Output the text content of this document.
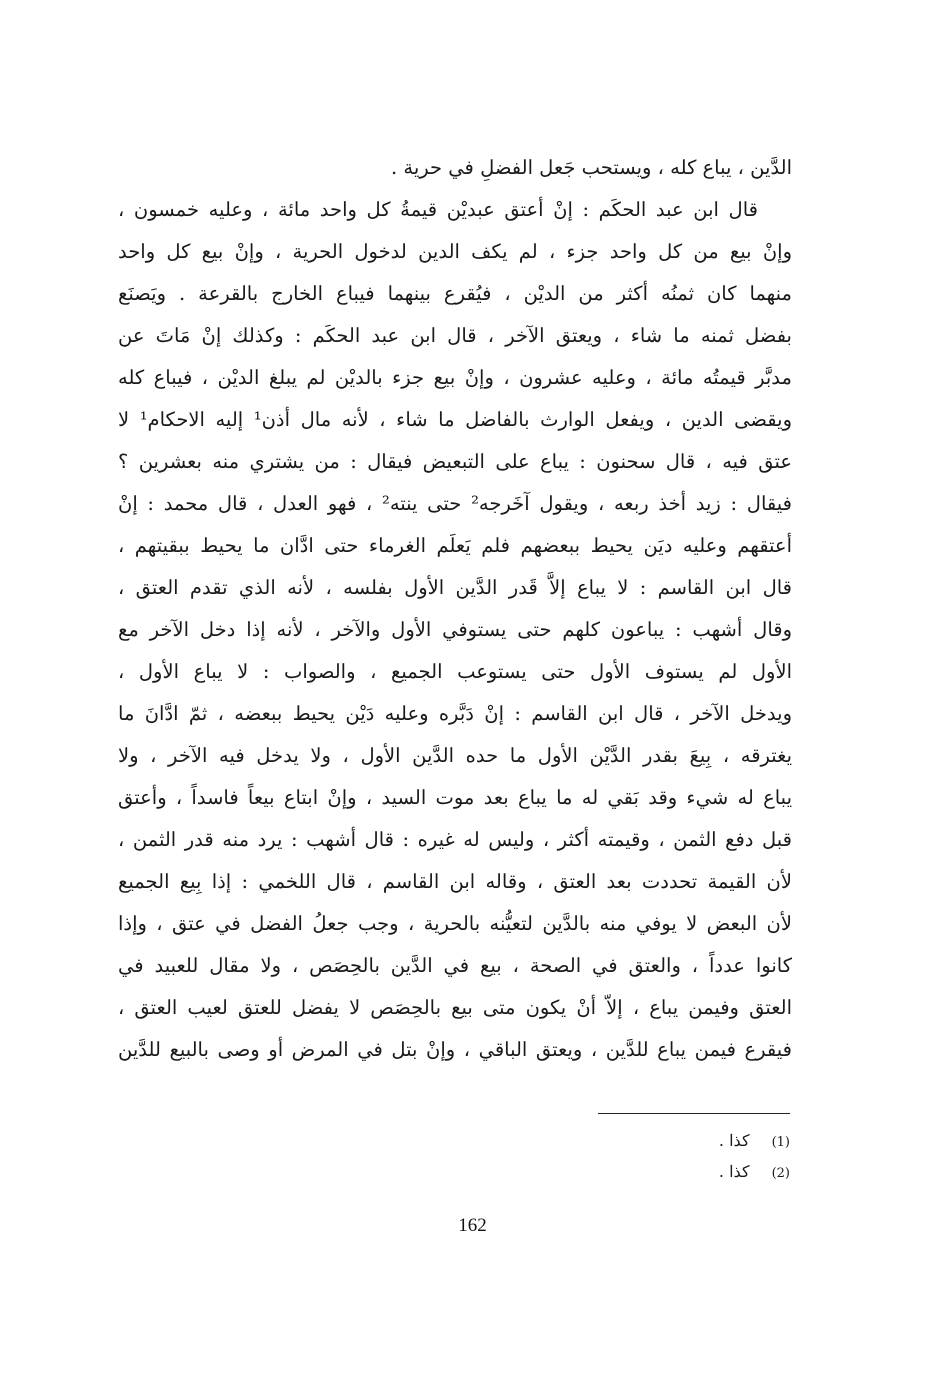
الدَّين ، يباع كله ، ويستحب جَعل الفضلِ في حرية .
قال ابن عبد الحكَم : إنْ أعتق عبديْن قيمةُ كل واحد مائة ، وعليه خمسون ،
وإنْ بيع من كل واحد جزء ، لم يكف الدين لدخول الحرية ، وإنْ بيع كل واحد
منهما كان ثمنُه أكثر من الديْن ، فيُقرع بينهما فيباع الخارج بالقرعة . ويَصنَع
بفضل ثمنه ما شاء ، ويعتق الآخر ، قال ابن عبد الحكَم : وكذلك إنْ مَاتَ عن
مدبَّر قيمتُه مائة ، وعليه عشرون ، وإنْ بيع جزء بالديْن لم يبلغ الديْن ، فيباع كله
ويقضى الدين ، ويفعل الوارث بالفاضل ما شاء ، لأنه مال أذن¹ إليه الاحكام¹ لا
عتق فيه ، قال سحنون : يباع على التبعيض فيقال : من يشتري منه بعشرين ؟
فيقال : زيد أخذ ربعه ، ويقول آخَرجه² حتى ينته² ، فهو العدل ، قال محمد : إنْ
أعتقهم وعليه ديَن يحيط ببعضهم فلم يَعلَم الغرماء حتى ادَّان ما يحيط ببقيتهم ،
قال ابن القاسم : لا يباع إلاَّ قَدر الدَّين الأول بفلسه ، لأنه الذي تقدم العتق ،
وقال أشهب : يباعون كلهم حتى يستوفي الأول والآخر ، لأنه إذا دخل الآخر مع
الأول لم يستوف الأول حتى يستوعب الجميع ، والصواب : لا يباع الأول ،
ويدخل الآخر ، قال ابن القاسم : إنْ دَبَّره وعليه دَيْن يحيط ببعضه ، ثمّ ادَّانَ ما
يغترقه ، بِيعَ بقدر الدَّيْن الأول ما حده الدَّين الأول ، ولا يدخل فيه الآخر ، ولا
يباع له شيء وقد بَقي له ما يباع بعد موت السيد ، وإنْ ابتاع بيعاً فاسداً ، وأعتق
قبل دفع الثمن ، وقيمته أكثر ، وليس له غيره : قال أشهب : يرد منه قدر الثمن ،
لأن القيمة تحددت بعد العتق ، وقاله ابن القاسم ، قال اللخمي : إذا بِيع الجميع
لأن البعض لا يوفي منه بالدَّين لتعيُّنه بالحرية ، وجب جعلُ الفضل في عتق ، وإذا
كانوا عدداً ، والعتق في الصحة ، بيع في الدَّين بالحِصَص ، ولا مقال للعبيد في
العتق وفيمن يباع ، إلاّ أنْ يكون متى بيع بالحِصَص لا يفضل للعتق لعيب العتق ،
فيقرع فيمن يباع للدَّين ، ويعتق الباقي ، وإنْ بتل في المرض أو وصى بالبيع للدَّين
(1)كذا .
(2)كذا .
162
